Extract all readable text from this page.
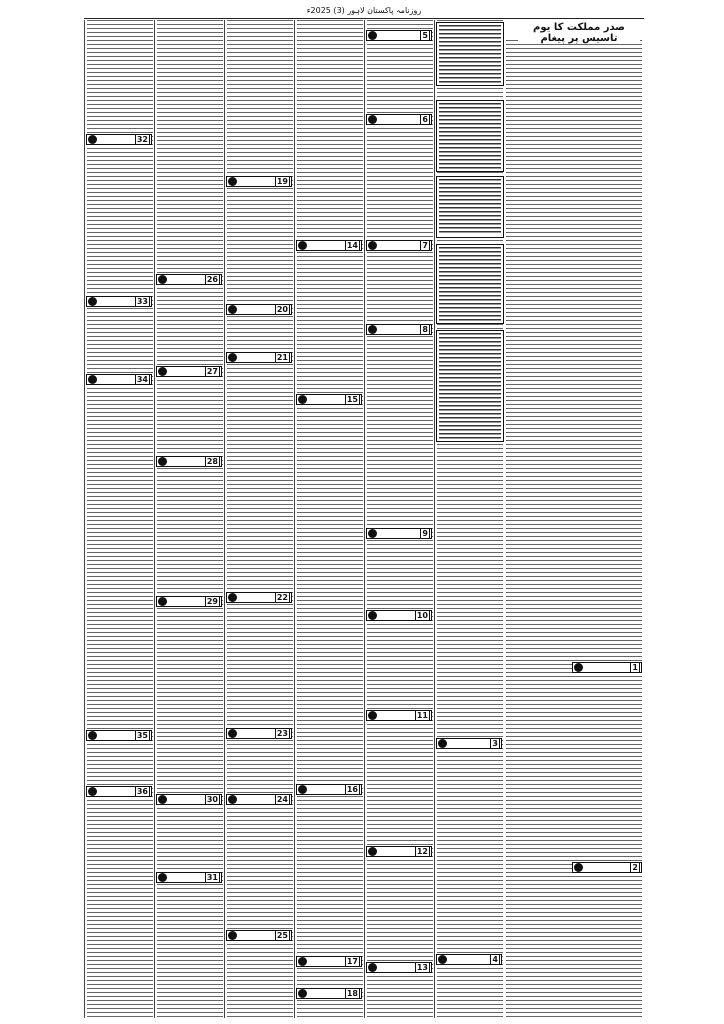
روزنامہ پاکستان لاہور (3) 2025ء
صدر مملکت کا یوم تاسیس پر پیغام
1
2
3
4
5
6
7
8
9
10
11
12
13
14
15
16
17
18
19
20
21
22
23
24
25
26
27
28
29
30
31
32
33
34
35
36
